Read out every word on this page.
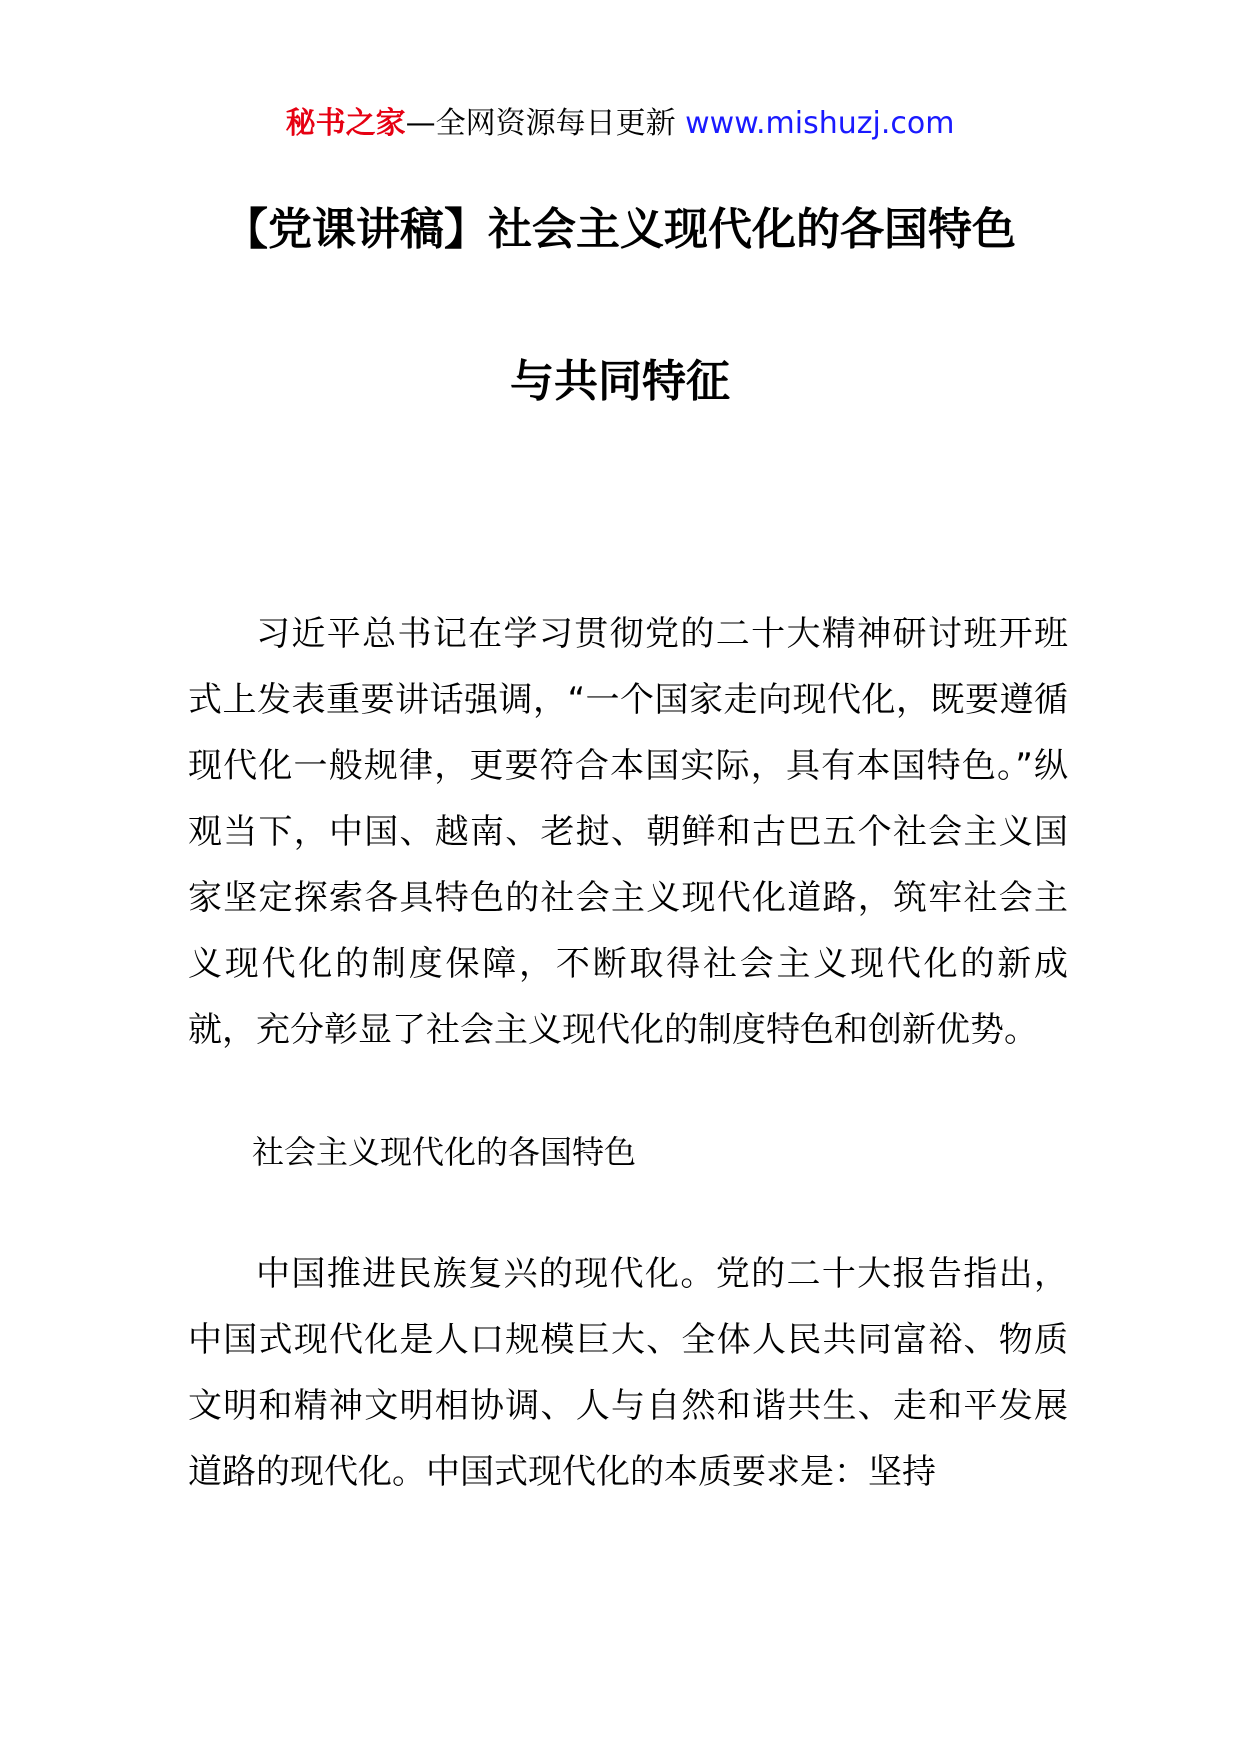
秘书之家—全网资源每日更新 www.mishuzj.com
【党课讲稿】社会主义现代化的各国特色
与共同特征

习近平总书记在学习贯彻党的二十大精神研讨班开班式上发表重要讲话强调，“一个国家走向现代化，既要遵循现代化一般规律，更要符合本国实际，具有本国特色。”纵观当下，中国、越南、老挝、朝鲜和古巴五个社会主义国家坚定探索各具特色的社会主义现代化道路，筑牢社会主义现代化的制度保障，不断取得社会主义现代化的新成就，充分彰显了社会主义现代化的制度特色和创新优势。

社会主义现代化的各国特色

中国推进民族复兴的现代化。党的二十大报告指出，中国式现代化是人口规模巨大、全体人民共同富裕、物质文明和精神文明相协调、人与自然和谐共生、走和平发展道路的现代化。中国式现代化的本质要求是：坚持
